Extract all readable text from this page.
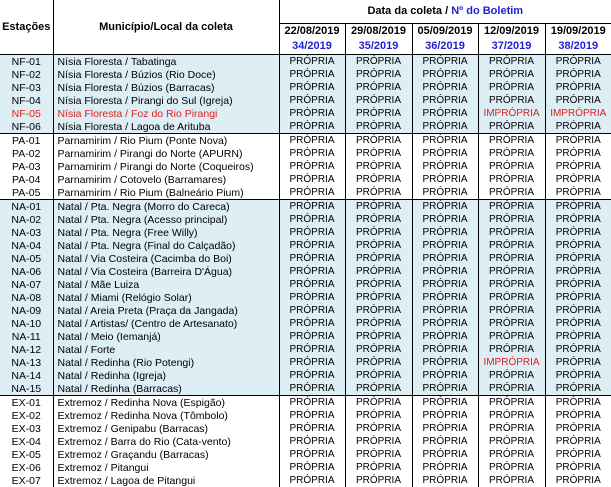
Estações	Município/Local da coleta	Data da coleta / Nº do Boletim				
		22/08/2019	29/08/2019	05/09/2019	12/09/2019	19/09/2019
		34/2019	35/2019	36/2019	37/2019	38/2019
NF-01	Nísia Floresta / Tabatinga	PRÓPRIA	PRÓPRIA	PRÓPRIA	PRÓPRIA	PRÓPRIA
NF-02	Nísia Floresta / Búzios (Rio Doce)	PRÓPRIA	PRÓPRIA	PRÓPRIA	PRÓPRIA	PRÓPRIA
NF-03	Nísia Floresta / Búzios (Barracas)	PRÓPRIA	PRÓPRIA	PRÓPRIA	PRÓPRIA	PRÓPRIA
NF-04	Nísia Floresta / Pirangi do Sul (Igreja)	PRÓPRIA	PRÓPRIA	PRÓPRIA	PRÓPRIA	PRÓPRIA
NF-05	Nísia Floresta / Foz do Rio Pirangi	PRÓPRIA	PRÓPRIA	PRÓPRIA	IMPRÓPRIA	IMPRÓPRIA
NF-06	Nísia Floresta / Lagoa de Arituba	PRÓPRIA	PRÓPRIA	PRÓPRIA	PRÓPRIA	PRÓPRIA
PA-01	Parnamirim / Rio Pium (Ponte Nova)	PRÓPRIA	PRÓPRIA	PRÓPRIA	PRÓPRIA	PRÓPRIA
PA-02	Parnamirim / Pirangi do Norte (APURN)	PRÓPRIA	PRÓPRIA	PRÓPRIA	PRÓPRIA	PRÓPRIA
PA-03	Parnamirim / Pirangi do Norte (Coqueiros)	PRÓPRIA	PRÓPRIA	PRÓPRIA	PRÓPRIA	PRÓPRIA
PA-04	Parnamirim / Cotovelo (Barramares)	PRÓPRIA	PRÓPRIA	PRÓPRIA	PRÓPRIA	PRÓPRIA
PA-05	Parnamirim / Rio Pium (Balneário Pium)	PRÓPRIA	PRÓPRIA	PRÓPRIA	PRÓPRIA	PRÓPRIA
NA-01	Natal / Pta. Negra (Morro do Careca)	PRÓPRIA	PRÓPRIA	PRÓPRIA	PRÓPRIA	PRÓPRIA
NA-02	Natal / Pta. Negra (Acesso principal)	PRÓPRIA	PRÓPRIA	PRÓPRIA	PRÓPRIA	PRÓPRIA
NA-03	Natal / Pta. Negra (Free Willy)	PRÓPRIA	PRÓPRIA	PRÓPRIA	PRÓPRIA	PRÓPRIA
NA-04	Natal / Pta. Negra (Final do Calçadão)	PRÓPRIA	PRÓPRIA	PRÓPRIA	PRÓPRIA	PRÓPRIA
NA-05	Natal / Via Costeira (Cacimba do Boi)	PRÓPRIA	PRÓPRIA	PRÓPRIA	PRÓPRIA	PRÓPRIA
NA-06	Natal / Via Costeira (Barreira D'Água)	PRÓPRIA	PRÓPRIA	PRÓPRIA	PRÓPRIA	PRÓPRIA
NA-07	Natal / Mãe Luiza	PRÓPRIA	PRÓPRIA	PRÓPRIA	PRÓPRIA	PRÓPRIA
NA-08	Natal / Miami (Relógio Solar)	PRÓPRIA	PRÓPRIA	PRÓPRIA	PRÓPRIA	PRÓPRIA
NA-09	Natal / Areia Preta (Praça da Jangada)	PRÓPRIA	PRÓPRIA	PRÓPRIA	PRÓPRIA	PRÓPRIA
NA-10	Natal / Artistas/ (Centro de Artesanato)	PRÓPRIA	PRÓPRIA	PRÓPRIA	PRÓPRIA	PRÓPRIA
NA-11	Natal / Meio (Iemanjá)	PRÓPRIA	PRÓPRIA	PRÓPRIA	PRÓPRIA	PRÓPRIA
NA-12	Natal / Forte	PRÓPRIA	PRÓPRIA	PRÓPRIA	PRÓPRIA	PRÓPRIA
NA-13	Natal / Redinha (Rio Potengi)	PRÓPRIA	PRÓPRIA	PRÓPRIA	IMPRÓPRIA	PRÓPRIA
NA-14	Natal / Redinha (Igreja)	PRÓPRIA	PRÓPRIA	PRÓPRIA	PRÓPRIA	PRÓPRIA
NA-15	Natal / Redinha (Barracas)	PRÓPRIA	PRÓPRIA	PRÓPRIA	PRÓPRIA	PRÓPRIA
EX-01	Extremoz / Redinha Nova (Espigão)	PRÓPRIA	PRÓPRIA	PRÓPRIA	PRÓPRIA	PRÓPRIA
EX-02	Extremoz / Redinha Nova (Tômbolo)	PRÓPRIA	PRÓPRIA	PRÓPRIA	PRÓPRIA	PRÓPRIA
EX-03	Extremoz / Genipabu (Barracas)	PRÓPRIA	PRÓPRIA	PRÓPRIA	PRÓPRIA	PRÓPRIA
EX-04	Extremoz / Barra do Rio (Cata-vento)	PRÓPRIA	PRÓPRIA	PRÓPRIA	PRÓPRIA	PRÓPRIA
EX-05	Extremoz / Graçandu (Barracas)	PRÓPRIA	PRÓPRIA	PRÓPRIA	PRÓPRIA	PRÓPRIA
EX-06	Extremoz / Pitangui	PRÓPRIA	PRÓPRIA	PRÓPRIA	PRÓPRIA	PRÓPRIA
EX-07	Extremoz / Lagoa de Pitangui	PRÓPRIA	PRÓPRIA	PRÓPRIA	PRÓPRIA	PRÓPRIA
